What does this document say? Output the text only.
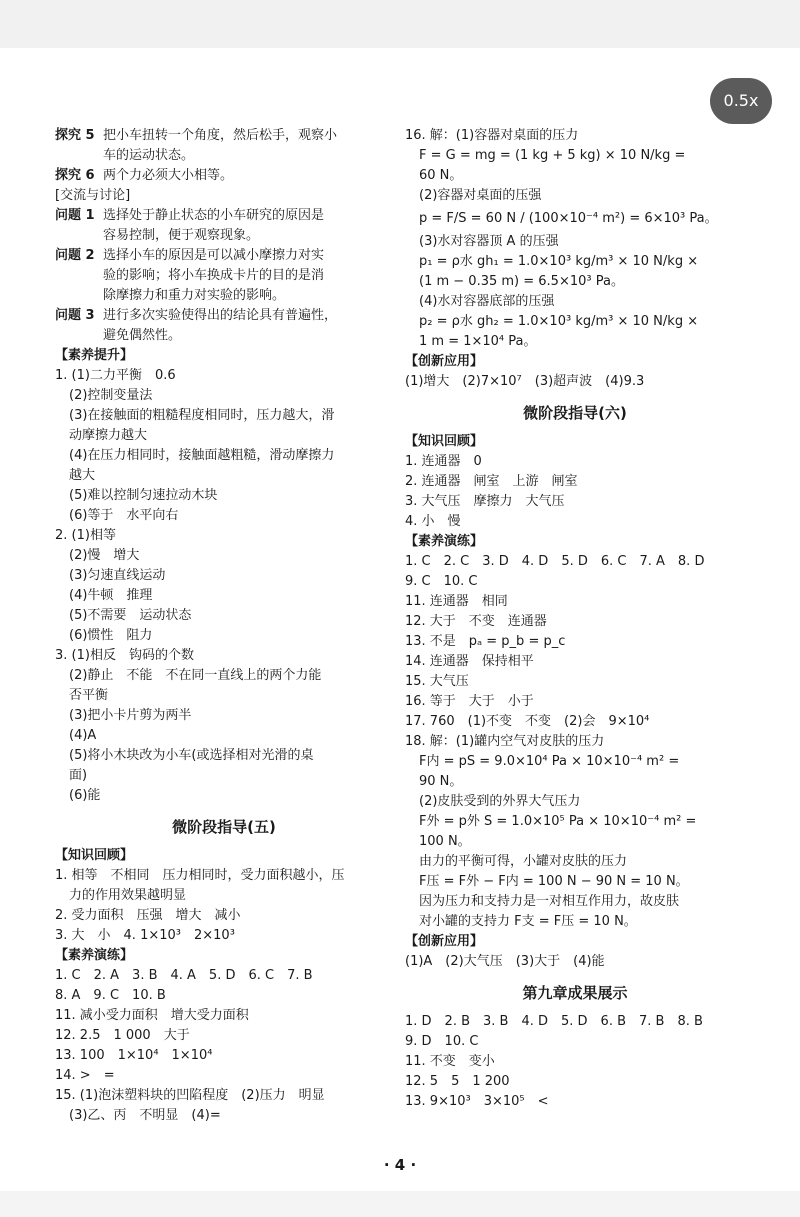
0.5x
探究 5 把小车扭转一个角度，然后松手，观察小
车的运动状态。
探究 6 两个力必须大小相等。
[交流与讨论]
问题 1 选择处于静止状态的小车研究的原因是
容易控制，便于观察现象。
问题 2 选择小车的原因是可以减小摩擦力对实
验的影响；将小车换成卡片的目的是消
除摩擦力和重力对实验的影响。
问题 3 进行多次实验使得出的结论具有普遍性，
避免偶然性。
【素养提升】
1. (1)二力平衡　0.6
(2)控制变量法
(3)在接触面的粗糙程度相同时，压力越大，滑
动摩擦力越大
(4)在压力相同时，接触面越粗糙，滑动摩擦力
越大
(5)难以控制匀速拉动木块
(6)等于　水平向右
2. (1)相等
(2)慢　增大
(3)匀速直线运动
(4)牛顿　推理
(5)不需要　运动状态
(6)惯性　阻力
3. (1)相反　钩码的个数
(2)静止　不能　不在同一直线上的两个力能
否平衡
(3)把小卡片剪为两半
(4)A
(5)将小木块改为小车(或选择相对光滑的桌
面)
(6)能
微阶段指导(五)
【知识回顾】
1. 相等　不相同　压力相同时，受力面积越小，压
力的作用效果越明显
2. 受力面积　压强　增大　减小
3. 大　小　4. 1×10³　2×10³
【素养演练】
1. C　2. A　3. B　4. A　5. D　6. C　7. B
8. A　9. C　10. B
11. 减小受力面积　增大受力面积
12. 2.5　1 000　大于
13. 100　1×10⁴　1×10⁴
14. >　=
15. (1)泡沫塑料块的凹陷程度　(2)压力　明显
(3)乙、丙　不明显　(4)=
16. 解：(1)容器对桌面的压力
F = G = mg = (1 kg + 5 kg) × 10 N/kg =
60 N。
(2)容器对桌面的压强
p = F/S = 60 N / (100×10⁻⁴ m²) = 6×10³ Pa。
(3)水对容器顶 A 的压强
p₁ = ρ水 gh₁ = 1.0×10³ kg/m³ × 10 N/kg ×
(1 m − 0.35 m) = 6.5×10³ Pa。
(4)水对容器底部的压强
p₂ = ρ水 gh₂ = 1.0×10³ kg/m³ × 10 N/kg ×
1 m = 1×10⁴ Pa。
【创新应用】
(1)增大　(2)7×10⁷　(3)超声波　(4)9.3
微阶段指导(六)
【知识回顾】
1. 连通器　0
2. 连通器　闸室　上游　闸室
3. 大气压　摩擦力　大气压
4. 小　慢
【素养演练】
1. C　2. C　3. D　4. D　5. D　6. C　7. A　8. D
9. C　10. C
11. 连通器　相同
12. 大于　不变　连通器
13. 不是　pₐ = p_b = p_c
14. 连通器　保持相平
15. 大气压
16. 等于　大于　小于
17. 760　(1)不变　不变　(2)会　9×10⁴
18. 解：(1)罐内空气对皮肤的压力
F内 = pS = 9.0×10⁴ Pa × 10×10⁻⁴ m² =
90 N。
(2)皮肤受到的外界大气压力
F外 = p外 S = 1.0×10⁵ Pa × 10×10⁻⁴ m² =
100 N。
由力的平衡可得，小罐对皮肤的压力
F压 = F外 − F内 = 100 N − 90 N = 10 N。
因为压力和支持力是一对相互作用力，故皮肤
对小罐的支持力 F支 = F压 = 10 N。
【创新应用】
(1)A　(2)大气压　(3)大于　(4)能
第九章成果展示
1. D　2. B　3. B　4. D　5. D　6. B　7. B　8. B
9. D　10. C
11. 不变　变小
12. 5　5　1 200
13. 9×10³　3×10⁵　<
· 4 ·
